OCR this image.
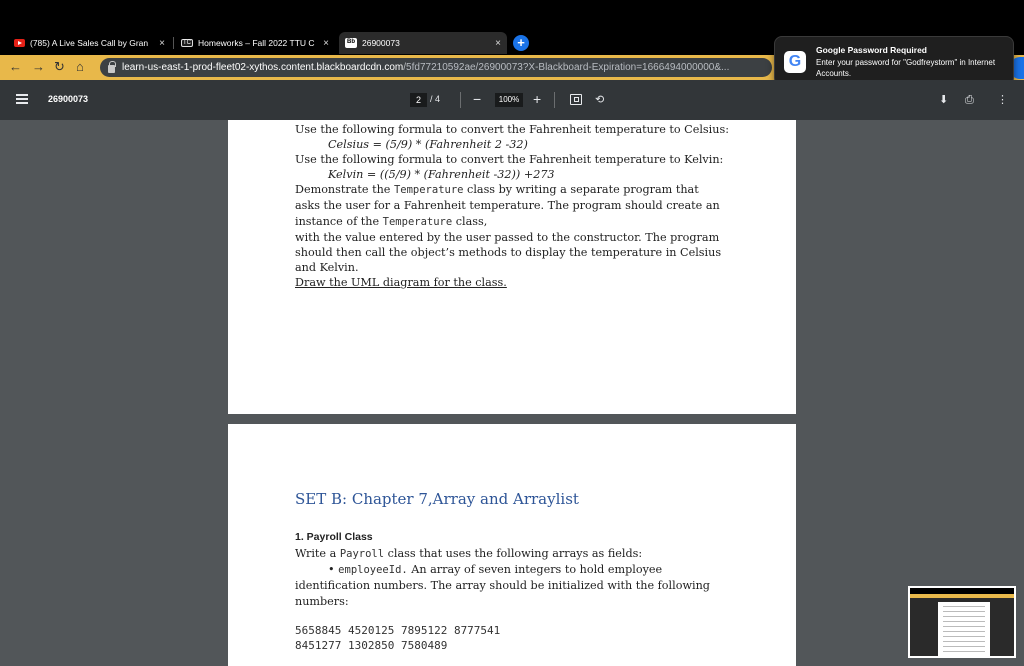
(785) A Live Sales Call by Gran	×	TC Homeworks – Fall 2022 TTU C ×	Bb 26900073	×	+
← → ↻ ⌂	learn-us-east-1-prod-fleet02-xythos.content.blackboardcdn.com/5fd77210592ae/26900073?X-Blackboard-Expiration=1666494000000&...	G
Google Password Required
Enter your password for "Godfreystorm" in Internet Accounts.
26900073	2	/ 4 −	100% +	⟲	⬇ ⎙ ⋮
Use the following formula to convert the Fahrenheit temperature to Celsius:
Celsius = (5/9) * (Fahrenheit 2 -32)
Use the following formula to convert the Fahrenheit temperature to Kelvin:
Kelvin = ((5/9) * (Fahrenheit -32)) +273
Demonstrate the Temperature class by writing a separate program that
asks the user for a Fahrenheit temperature. The program should create an
instance of the Temperature class,
with the value entered by the user passed to the constructor. The program
should then call the object’s methods to display the temperature in Celsius
and Kelvin.
Draw the UML diagram for the class.
SET B: Chapter 7,Array and Arraylist
1. Payroll Class
Write a Payroll class that uses the following arrays as fields:
• employeeId. An array of seven integers to hold employee
identification numbers. The array should be initialized with the following
numbers:
5658845 4520125 7895122 8777541
8451277 1302850 7580489
